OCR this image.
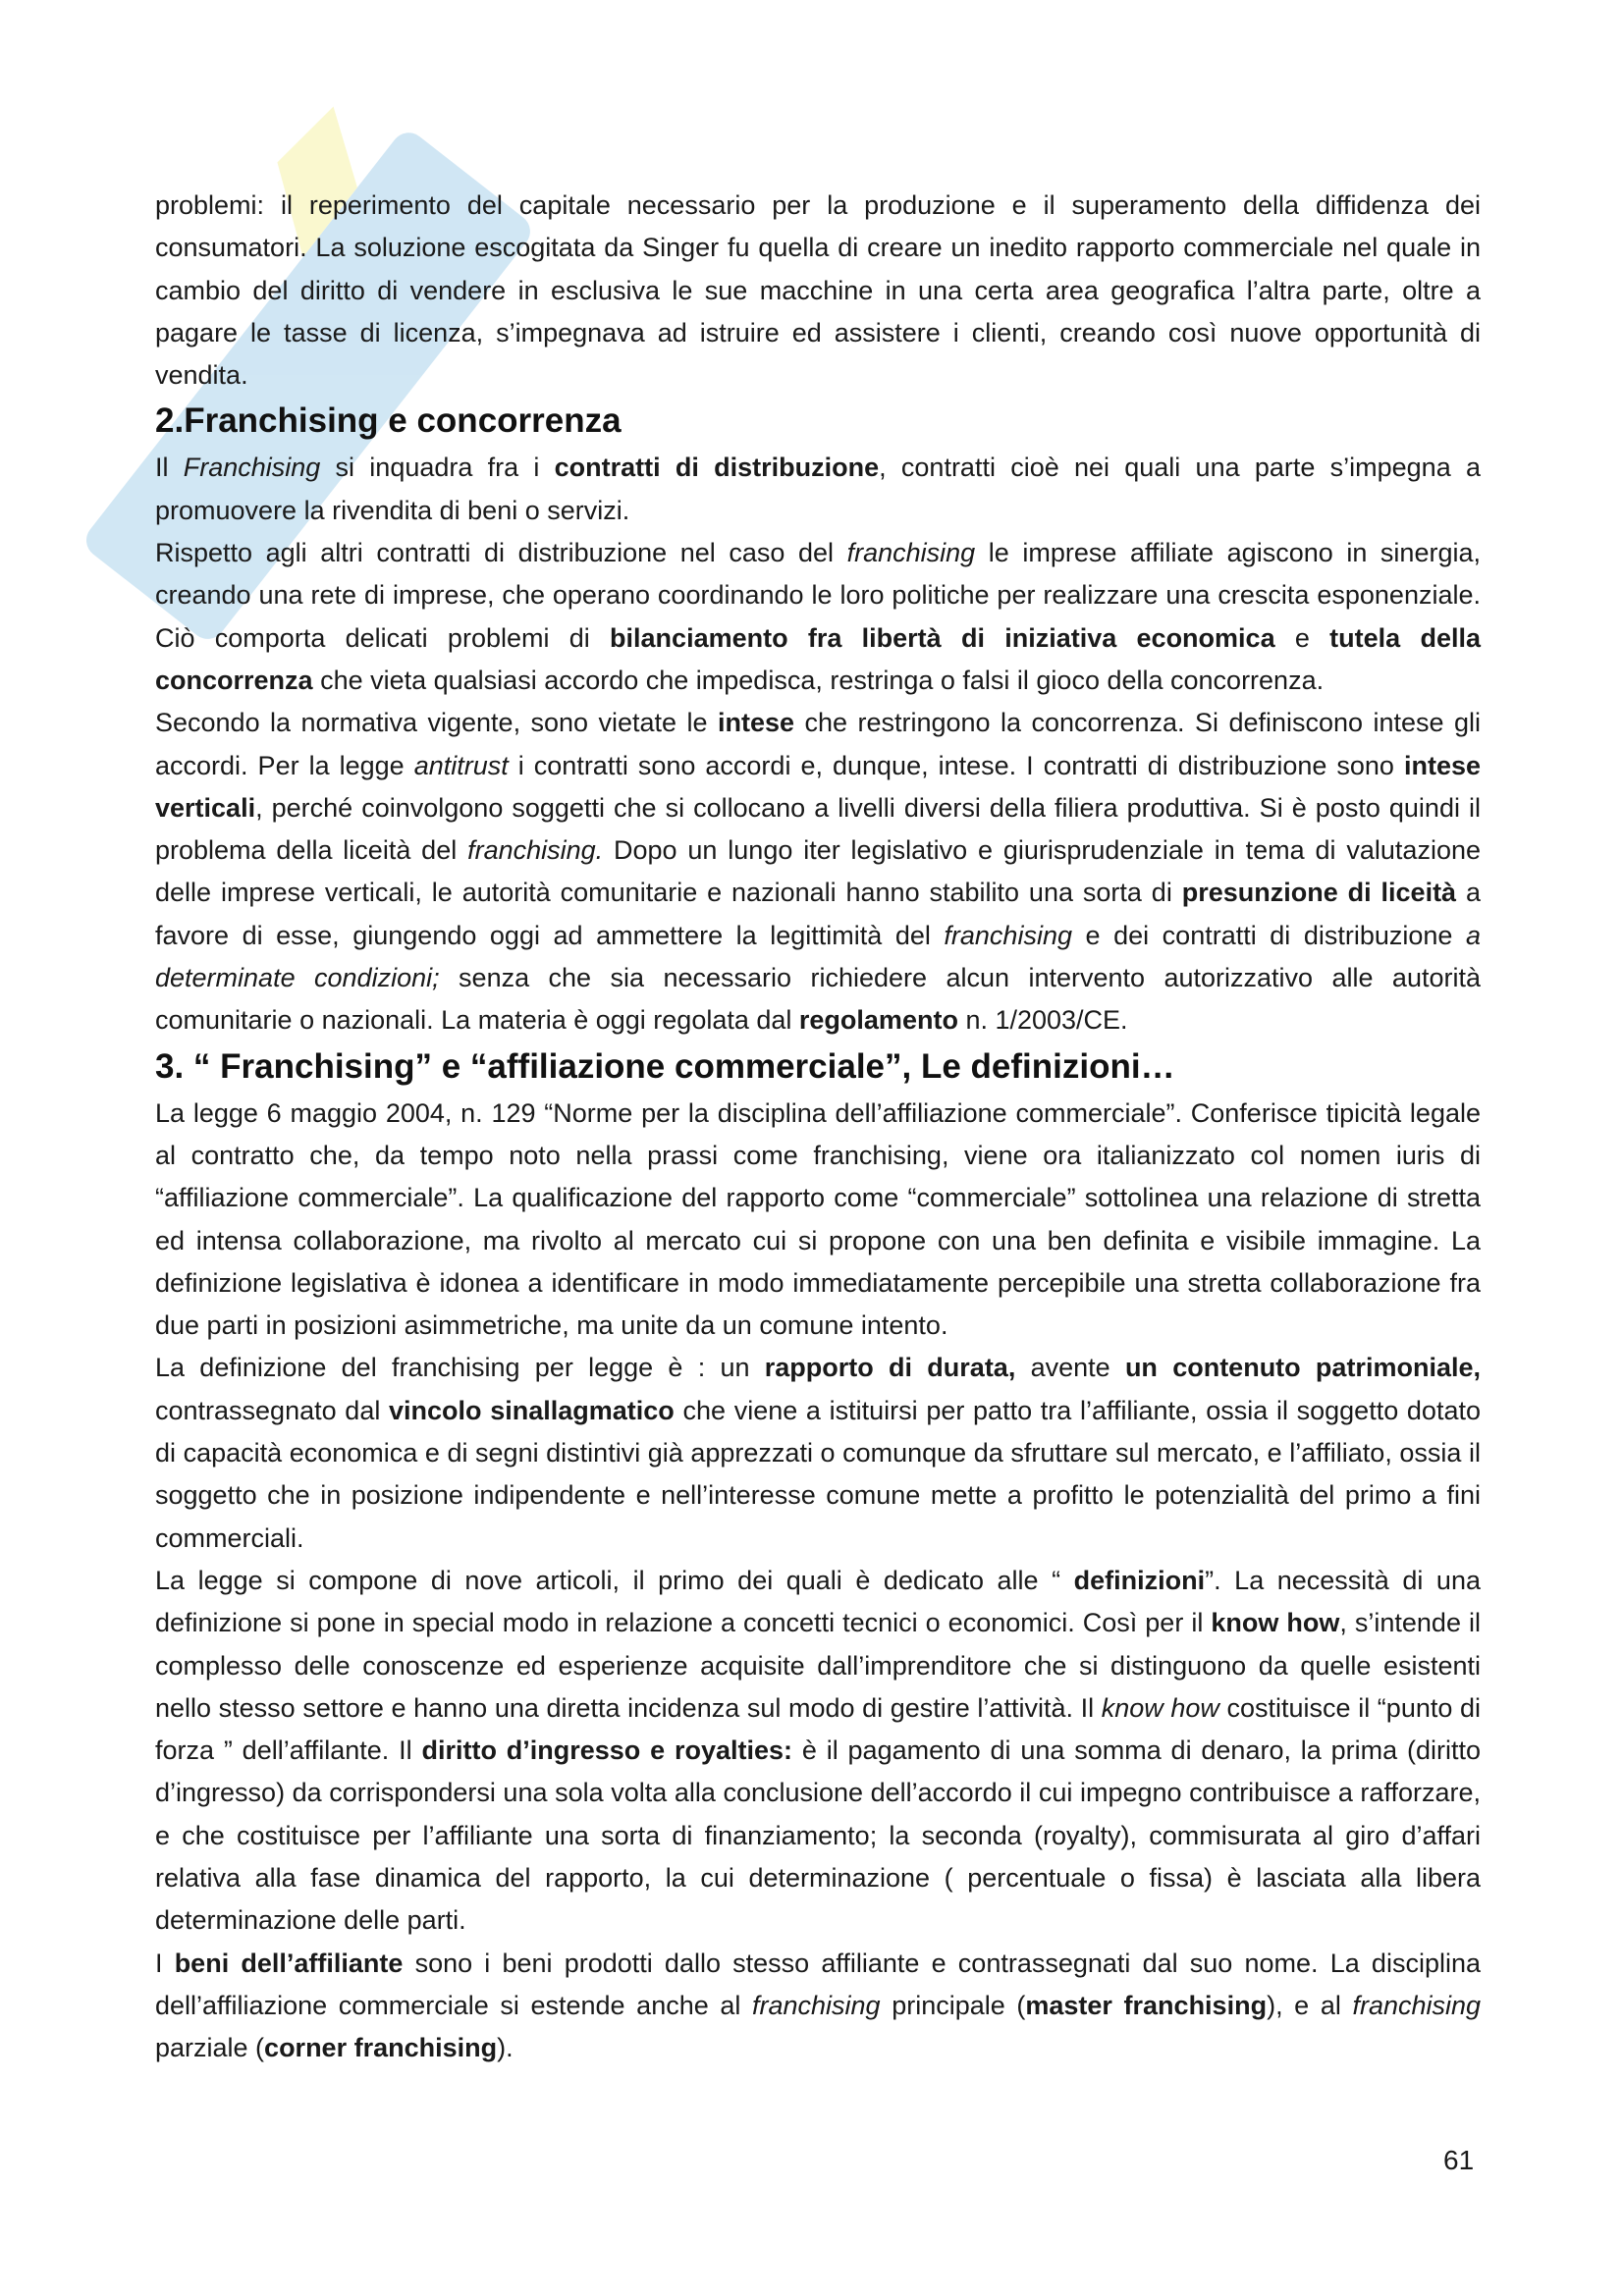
problemi: il reperimento del capitale necessario per la produzione e il superamento della diffidenza dei consumatori. La soluzione escogitata da Singer fu quella di creare un inedito rapporto commerciale nel quale in cambio del diritto di vendere in esclusiva le sue macchine in una certa area geografica l’altra parte, oltre a pagare le tasse di licenza, s’impegnava ad istruire ed assistere i clienti, creando così nuove opportunità di vendita.

2.Franchising e concorrenza

Il Franchising si inquadra fra i contratti di distribuzione, contratti cioè nei quali una parte s’impegna a promuovere la rivendita di beni o servizi.

Rispetto agli altri contratti di distribuzione nel caso del franchising le imprese affiliate agiscono in sinergia, creando una rete di imprese, che operano coordinando le loro politiche per realizzare una crescita esponenziale. Ciò comporta delicati problemi di bilanciamento fra libertà di iniziativa economica e tutela della concorrenza che vieta qualsiasi accordo che impedisca, restringa o falsi il gioco della concorrenza.

Secondo la normativa vigente, sono vietate le intese che restringono la concorrenza. Si definiscono intese gli accordi. Per la legge antitrust i contratti sono accordi e, dunque, intese. I contratti di distribuzione sono intese verticali, perché coinvolgono soggetti che si collocano a livelli diversi della filiera produttiva. Si è posto quindi il problema della liceità del franchising. Dopo un lungo iter legislativo e giurisprudenziale in tema di valutazione delle imprese verticali, le autorità comunitarie e nazionali hanno stabilito una sorta di presunzione di liceità a favore di esse, giungendo oggi ad ammettere la legittimità del franchising e dei contratti di distribuzione a determinate condizioni; senza che sia necessario richiedere alcun intervento autorizzativo alle autorità comunitarie o nazionali. La materia è oggi regolata dal regolamento n. 1/2003/CE.

3. “ Franchising” e “affiliazione commerciale”, Le definizioni…

La legge 6 maggio 2004, n. 129 “Norme per la disciplina dell’affiliazione commerciale”. Conferisce tipicità legale al contratto che, da tempo noto nella prassi come franchising, viene ora italianizzato col nomen iuris di “affiliazione commerciale”. La qualificazione del rapporto come “commerciale” sottolinea una relazione di stretta ed intensa collaborazione, ma rivolto al mercato cui si propone con una ben definita e visibile immagine. La definizione legislativa è idonea a identificare in modo immediatamente percepibile una stretta collaborazione fra due parti in posizioni asimmetriche, ma unite da un comune intento.

La definizione del franchising per legge è : un rapporto di durata, avente un contenuto patrimoniale, contrassegnato dal vincolo sinallagmatico che viene a istituirsi per patto tra l’affiliante, ossia il soggetto dotato di capacità economica e di segni distintivi già apprezzati o comunque da sfruttare sul mercato, e l’affiliato, ossia il soggetto che in posizione indipendente e nell’interesse comune mette a profitto le potenzialità del primo a fini commerciali.

La legge si compone di nove articoli, il primo dei quali è dedicato alle “ definizioni”. La necessità di una definizione si pone in special modo in relazione a concetti tecnici o economici. Così per il know how, s’intende il complesso delle conoscenze ed esperienze acquisite dall’imprenditore che si distinguono da quelle esistenti nello stesso settore e hanno una diretta incidenza sul modo di gestire l’attività. Il know how costituisce il “punto di forza ” dell’affilante. Il diritto d’ingresso e royalties: è il pagamento di una somma di denaro, la prima (diritto d’ingresso) da corrispondersi una sola volta alla conclusione dell’accordo il cui impegno contribuisce a rafforzare, e che costituisce per l’affiliante una sorta di finanziamento; la seconda (royalty), commisurata al giro d’affari relativa alla fase dinamica del rapporto, la cui determinazione ( percentuale o fissa) è lasciata alla libera determinazione delle parti.

I beni dell’affiliante sono i beni prodotti dallo stesso affiliante e contrassegnati dal suo nome. La disciplina dell’affiliazione commerciale si estende anche al franchising principale (master franchising), e al franchising parziale (corner franchising).

61
